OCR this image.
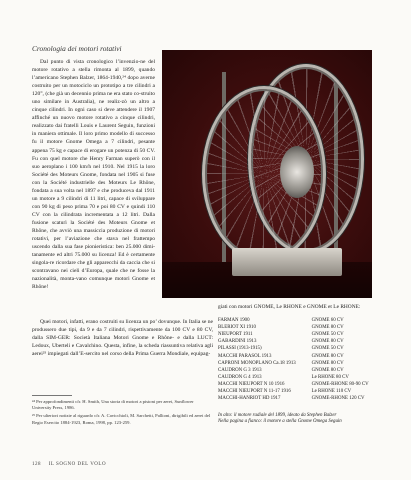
Cronologia dei motori rotativi

Dal punto di vista cronologico l’invenzio-ne del motore rotativo a stella rimonta al 1899, quando l’americano Stephen Balzer, 1864-1940,²⁴ dopo averne costruito per un motociclo un prototipo a tre cilindri a 120°, (che già un decennio prima ne era stato co-struito uno similare in Australia), ne realiz-zò un altro a cinque cilindri. In ogni caso si deve attendere il 1907 affinché un nuovo motore rotativo a cinque cilindri, realizzato dai fratelli Louis e Laurent Seguin, funzioni in maniera ottimale. Il loro primo modello di successo fu il motore Gnome Omega a 7 cilindri, pesante appena 75 kg e capace di erogare un potenza di 50 CV. Fu con quel motore che Henry Farman superò con il suo aeroplano i 100 km/h nel 1910. Nel 1915 la loro Société des Moteurs Gnome, fondata nel 1905 si fuse con la Société industrielle des Moteurs Le Rhône, fondata a sua volta nel 1897 e che produceva dal 1911 un motore a 9 cilindri di 11 litri, capace di sviluppare con 90 kg di peso prima 70 e poi 80 CV e quindi 110 CV con la cilindrata incrementata a 12 litri. Dalla fusione scaturì la Société des Moteurs Gnome et Rhône, che avviò una massiccia produzione di motori rotativi, per l’aviazione che stava nel frattempo uscendo dalla sua fase pionieristica: ben 25.000 dimi-tanamente ed altri 75.000 su licenza! Ed è certamente singola-re ricordare che gli apparecchi da caccia che si scontravano nei cieli d’Europa, quale che ne fosse la nazionalità, monta-vano comunque motori Gnome et Rhône!

Quei motori, infatti, erano costruiti su licenza un po’ dovunque. In Italia se ne produssero due tipi, da 9 e da 7 cilindri, rispettivamente da 100 CV e 80 CV, dalla SIM-GER: Società Italiana Motori Gnome e Rhône- e dalla LUCT: Ledoux, Uberteli e Cavalchino. Questa, infine, la scheda riassuntiva relativa agli aerei²⁵ impiegati dall’E-sercito nel corso della Prima Guerra Mondiale, equipag-

²⁴ Per approfondimenti cfr. H. Smith, Una storia di motori a pistoni per aerei, Sunflower University Press, 1986.

²⁵ Per ulteriori notizie al riguardo cfr. A. Cavicchioli, M. Sarchetti, Pallioni, dirigibili ed aerei del Regio Esercito 1884-1923, Roma, 1998, pp. 123-259.

giati con motori GNOME, Le RHONE e GNOME et Le RHONE:

FARMAN 1900	GNOME 60 CV
BLERIOT XI 1910	GNOME 80 CV
NIEUPORT 1911	GNOME 50 CV
GABARDINI 1913	GNOME 80 CV
PILASSI (1913-1915)	GNOME 50 CV
MACCHI PARASOL 1913	GNOME 80 CV
CAPRONI MONOPLANO Ca.18 1913	GNOME 80 CV
CAUDRON G 3 1913	GNOME 80 CV
CAUDRON G 4 1913	Le RHONE 80 CV
MACCHI NIEUPORT N 10 1916	GNOME-RHONE 80-90 CV
MACCHI NIEUPORT N 11-17 1916	Le RHONE 110 CV
MACCHI-HANRIOT HD 1917	GNOME-RHONE 120 CV

In alto: il motore radiale del 1899, ideato da Stephen Balzer

Nella pagina a fianco: il motore a stella Gnome Omega Seguin

128 IL SOGNO DEL VOLO
